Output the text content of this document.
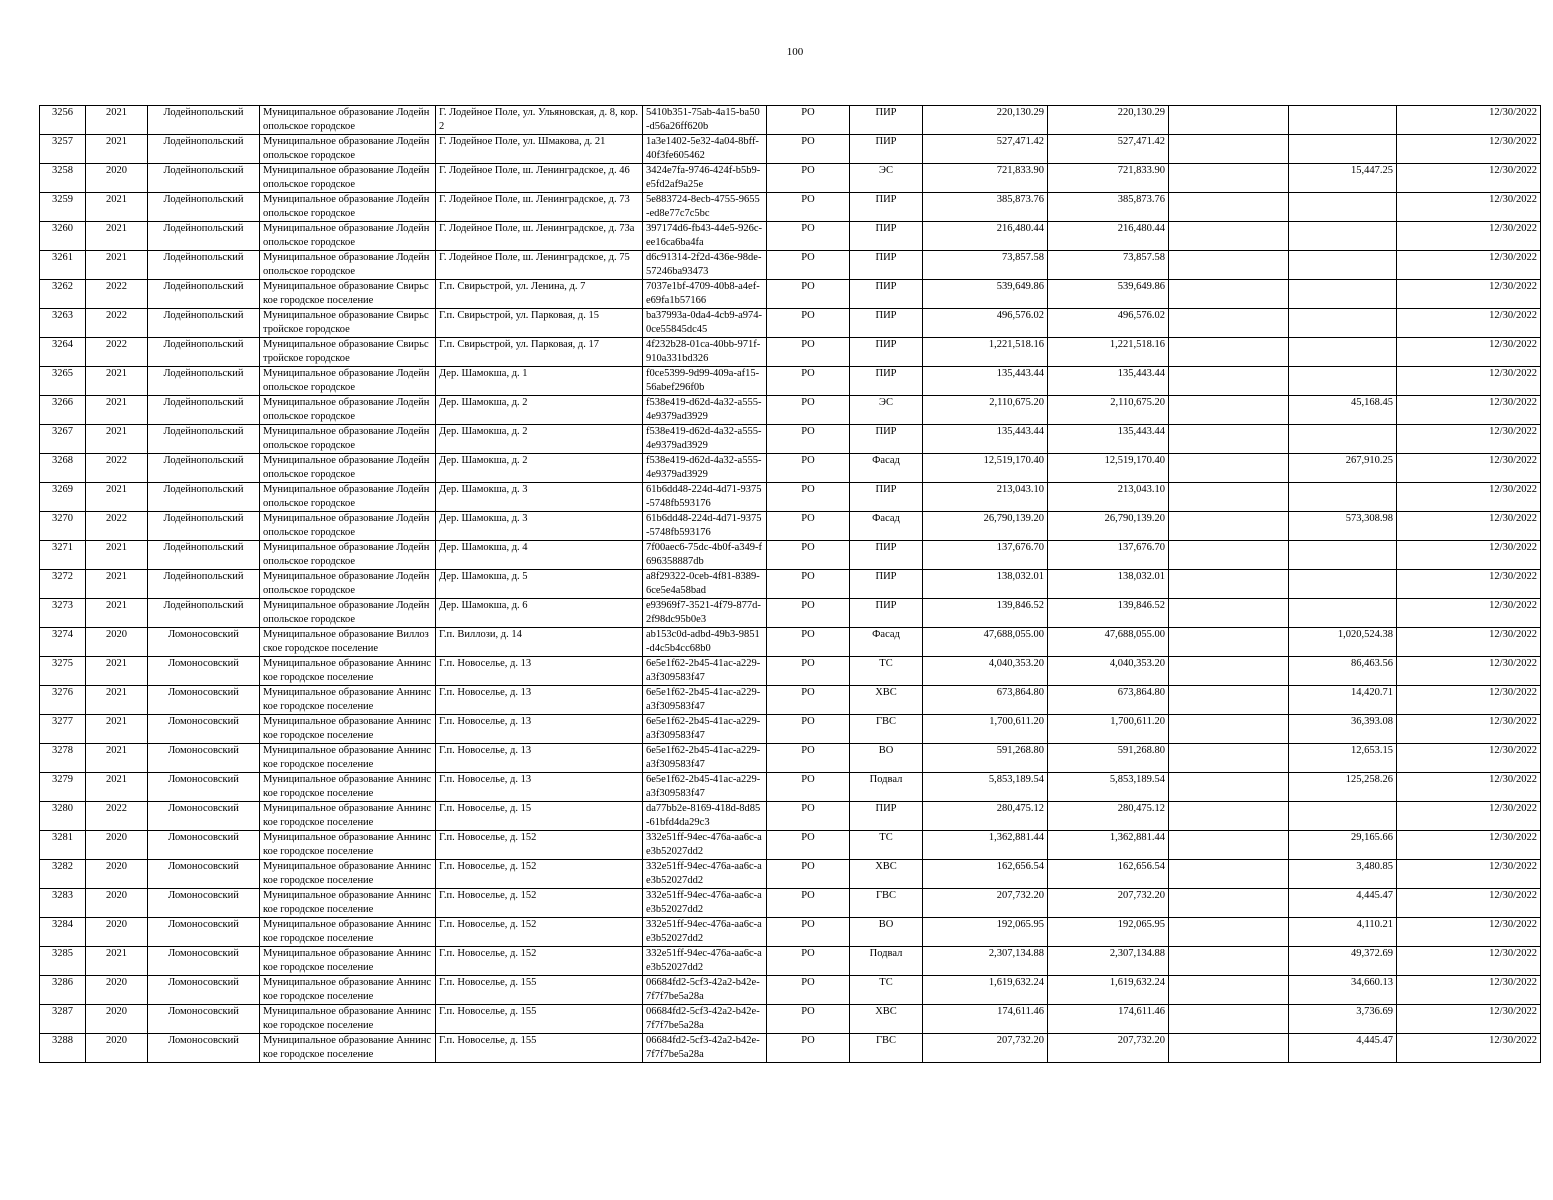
100
3256	2021	Лодейнопольский	Муниципальное образование Лодейнопольское городское	Г. Лодейное Поле, ул. Ульяновская, д. 8, кор. 2	5410b351-75ab-4a15-ba50-d56a26ff620b	РО	ПИР	220,130.29	220,130.29			12/30/2022
3257	2021	Лодейнопольский	Муниципальное образование Лодейнопольское городское	Г. Лодейное Поле, ул. Шмакова, д. 21	1a3e1402-5e32-4a04-8bff-40f3fe605462	РО	ПИР	527,471.42	527,471.42			12/30/2022
3258	2020	Лодейнопольский	Муниципальное образование Лодейнопольское городское	Г. Лодейное Поле, ш. Ленинградское, д. 46	3424e7fa-9746-424f-b5b9-e5fd2af9a25e	РО	ЭС	721,833.90	721,833.90		15,447.25	12/30/2022
3259	2021	Лодейнопольский	Муниципальное образование Лодейнопольское городское	Г. Лодейное Поле, ш. Ленинградское, д. 73	5e883724-8ecb-4755-9655-ed8e77c7c5bc	РО	ПИР	385,873.76	385,873.76			12/30/2022
3260	2021	Лодейнопольский	Муниципальное образование Лодейнопольское городское	Г. Лодейное Поле, ш. Ленинградское, д. 73а	397174d6-fb43-44e5-926c-ee16ca6ba4fa	РО	ПИР	216,480.44	216,480.44			12/30/2022
3261	2021	Лодейнопольский	Муниципальное образование Лодейнопольское городское	Г. Лодейное Поле, ш. Ленинградское, д. 75	d6c91314-2f2d-436e-98de-57246ba93473	РО	ПИР	73,857.58	73,857.58			12/30/2022
3262	2022	Лодейнопольский	Муниципальное образование Свирьское городское поселение	Г.п. Свирьстрой, ул. Ленина, д. 7	7037e1bf-4709-40b8-a4ef-e69fa1b57166	РО	ПИР	539,649.86	539,649.86			12/30/2022
3263	2022	Лодейнопольский	Муниципальное образование Свирьстройское городское	Г.п. Свирьстрой, ул. Парковая, д. 15	ba37993a-0da4-4cb9-a974-0ce55845dc45	РО	ПИР	496,576.02	496,576.02			12/30/2022
3264	2022	Лодейнопольский	Муниципальное образование Свирьстройское городское	Г.п. Свирьстрой, ул. Парковая, д. 17	4f232b28-01ca-40bb-971f-910a331bd326	РО	ПИР	1,221,518.16	1,221,518.16			12/30/2022
3265	2021	Лодейнопольский	Муниципальное образование Лодейнопольское городское	Дер. Шамокша, д. 1	f0ce5399-9d99-409a-af15-56abef296f0b	РО	ПИР	135,443.44	135,443.44			12/30/2022
3266	2021	Лодейнопольский	Муниципальное образование Лодейнопольское городское	Дер. Шамокша, д. 2	f538e419-d62d-4a32-a555-4e9379ad3929	РО	ЭС	2,110,675.20	2,110,675.20		45,168.45	12/30/2022
3267	2021	Лодейнопольский	Муниципальное образование Лодейнопольское городское	Дер. Шамокша, д. 2	f538e419-d62d-4a32-a555-4e9379ad3929	РО	ПИР	135,443.44	135,443.44			12/30/2022
3268	2022	Лодейнопольский	Муниципальное образование Лодейнопольское городское	Дер. Шамокша, д. 2	f538e419-d62d-4a32-a555-4e9379ad3929	РО	Фасад	12,519,170.40	12,519,170.40		267,910.25	12/30/2022
3269	2021	Лодейнопольский	Муниципальное образование Лодейнопольское городское	Дер. Шамокша, д. 3	61b6dd48-224d-4d71-9375-5748fb593176	РО	ПИР	213,043.10	213,043.10			12/30/2022
3270	2022	Лодейнопольский	Муниципальное образование Лодейнопольское городское	Дер. Шамокша, д. 3	61b6dd48-224d-4d71-9375-5748fb593176	РО	Фасад	26,790,139.20	26,790,139.20		573,308.98	12/30/2022
3271	2021	Лодейнопольский	Муниципальное образование Лодейнопольское городское	Дер. Шамокша, д. 4	7f00aec6-75dc-4b0f-a349-f696358887db	РО	ПИР	137,676.70	137,676.70			12/30/2022
3272	2021	Лодейнопольский	Муниципальное образование Лодейнопольское городское	Дер. Шамокша, д. 5	a8f29322-0ceb-4f81-8389-6ce5e4a58bad	РО	ПИР	138,032.01	138,032.01			12/30/2022
3273	2021	Лодейнопольский	Муниципальное образование Лодейнопольское городское	Дер. Шамокша, д. 6	e93969f7-3521-4f79-877d-2f98dc95b0e3	РО	ПИР	139,846.52	139,846.52			12/30/2022
3274	2020	Ломоносовский	Муниципальное образование Виллозское городское поселение	Г.п. Виллози, д. 14	ab153c0d-adbd-49b3-9851-d4c5b4cc68b0	РО	Фасад	47,688,055.00	47,688,055.00		1,020,524.38	12/30/2022
3275	2021	Ломоносовский	Муниципальное образование Аннинское городское поселение	Г.п. Новоселье, д. 13	6e5e1f62-2b45-41ac-a229-a3f309583f47	РО	ТС	4,040,353.20	4,040,353.20		86,463.56	12/30/2022
3276	2021	Ломоносовский	Муниципальное образование Аннинское городское поселение	Г.п. Новоселье, д. 13	6e5e1f62-2b45-41ac-a229-a3f309583f47	РО	ХВС	673,864.80	673,864.80		14,420.71	12/30/2022
3277	2021	Ломоносовский	Муниципальное образование Аннинское городское поселение	Г.п. Новоселье, д. 13	6e5e1f62-2b45-41ac-a229-a3f309583f47	РО	ГВС	1,700,611.20	1,700,611.20		36,393.08	12/30/2022
3278	2021	Ломоносовский	Муниципальное образование Аннинское городское поселение	Г.п. Новоселье, д. 13	6e5e1f62-2b45-41ac-a229-a3f309583f47	РО	ВО	591,268.80	591,268.80		12,653.15	12/30/2022
3279	2021	Ломоносовский	Муниципальное образование Аннинское городское поселение	Г.п. Новоселье, д. 13	6e5e1f62-2b45-41ac-a229-a3f309583f47	РО	Подвал	5,853,189.54	5,853,189.54		125,258.26	12/30/2022
3280	2022	Ломоносовский	Муниципальное образование Аннинское городское поселение	Г.п. Новоселье, д. 15	da77bb2e-8169-418d-8d85-61bfd4da29c3	РО	ПИР	280,475.12	280,475.12			12/30/2022
3281	2020	Ломоносовский	Муниципальное образование Аннинское городское поселение	Г.п. Новоселье, д. 152	332e51ff-94ec-476a-aa6c-ae3b52027dd2	РО	ТС	1,362,881.44	1,362,881.44		29,165.66	12/30/2022
3282	2020	Ломоносовский	Муниципальное образование Аннинское городское поселение	Г.п. Новоселье, д. 152	332e51ff-94ec-476a-aa6c-ae3b52027dd2	РО	ХВС	162,656.54	162,656.54		3,480.85	12/30/2022
3283	2020	Ломоносовский	Муниципальное образование Аннинское городское поселение	Г.п. Новоселье, д. 152	332e51ff-94ec-476a-aa6c-ae3b52027dd2	РО	ГВС	207,732.20	207,732.20		4,445.47	12/30/2022
3284	2020	Ломоносовский	Муниципальное образование Аннинское городское поселение	Г.п. Новоселье, д. 152	332e51ff-94ec-476a-aa6c-ae3b52027dd2	РО	ВО	192,065.95	192,065.95		4,110.21	12/30/2022
3285	2021	Ломоносовский	Муниципальное образование Аннинское городское поселение	Г.п. Новоселье, д. 152	332e51ff-94ec-476a-aa6c-ae3b52027dd2	РО	Подвал	2,307,134.88	2,307,134.88		49,372.69	12/30/2022
3286	2020	Ломоносовский	Муниципальное образование Аннинское городское поселение	Г.п. Новоселье, д. 155	06684fd2-5cf3-42a2-b42e-7f7f7be5a28a	РО	ТС	1,619,632.24	1,619,632.24		34,660.13	12/30/2022
3287	2020	Ломоносовский	Муниципальное образование Аннинское городское поселение	Г.п. Новоселье, д. 155	06684fd2-5cf3-42a2-b42e-7f7f7be5a28a	РО	ХВС	174,611.46	174,611.46		3,736.69	12/30/2022
3288	2020	Ломоносовский	Муниципальное образование Аннинское городское поселение	Г.п. Новоселье, д. 155	06684fd2-5cf3-42a2-b42e-7f7f7be5a28a	РО	ГВС	207,732.20	207,732.20		4,445.47	12/30/2022
